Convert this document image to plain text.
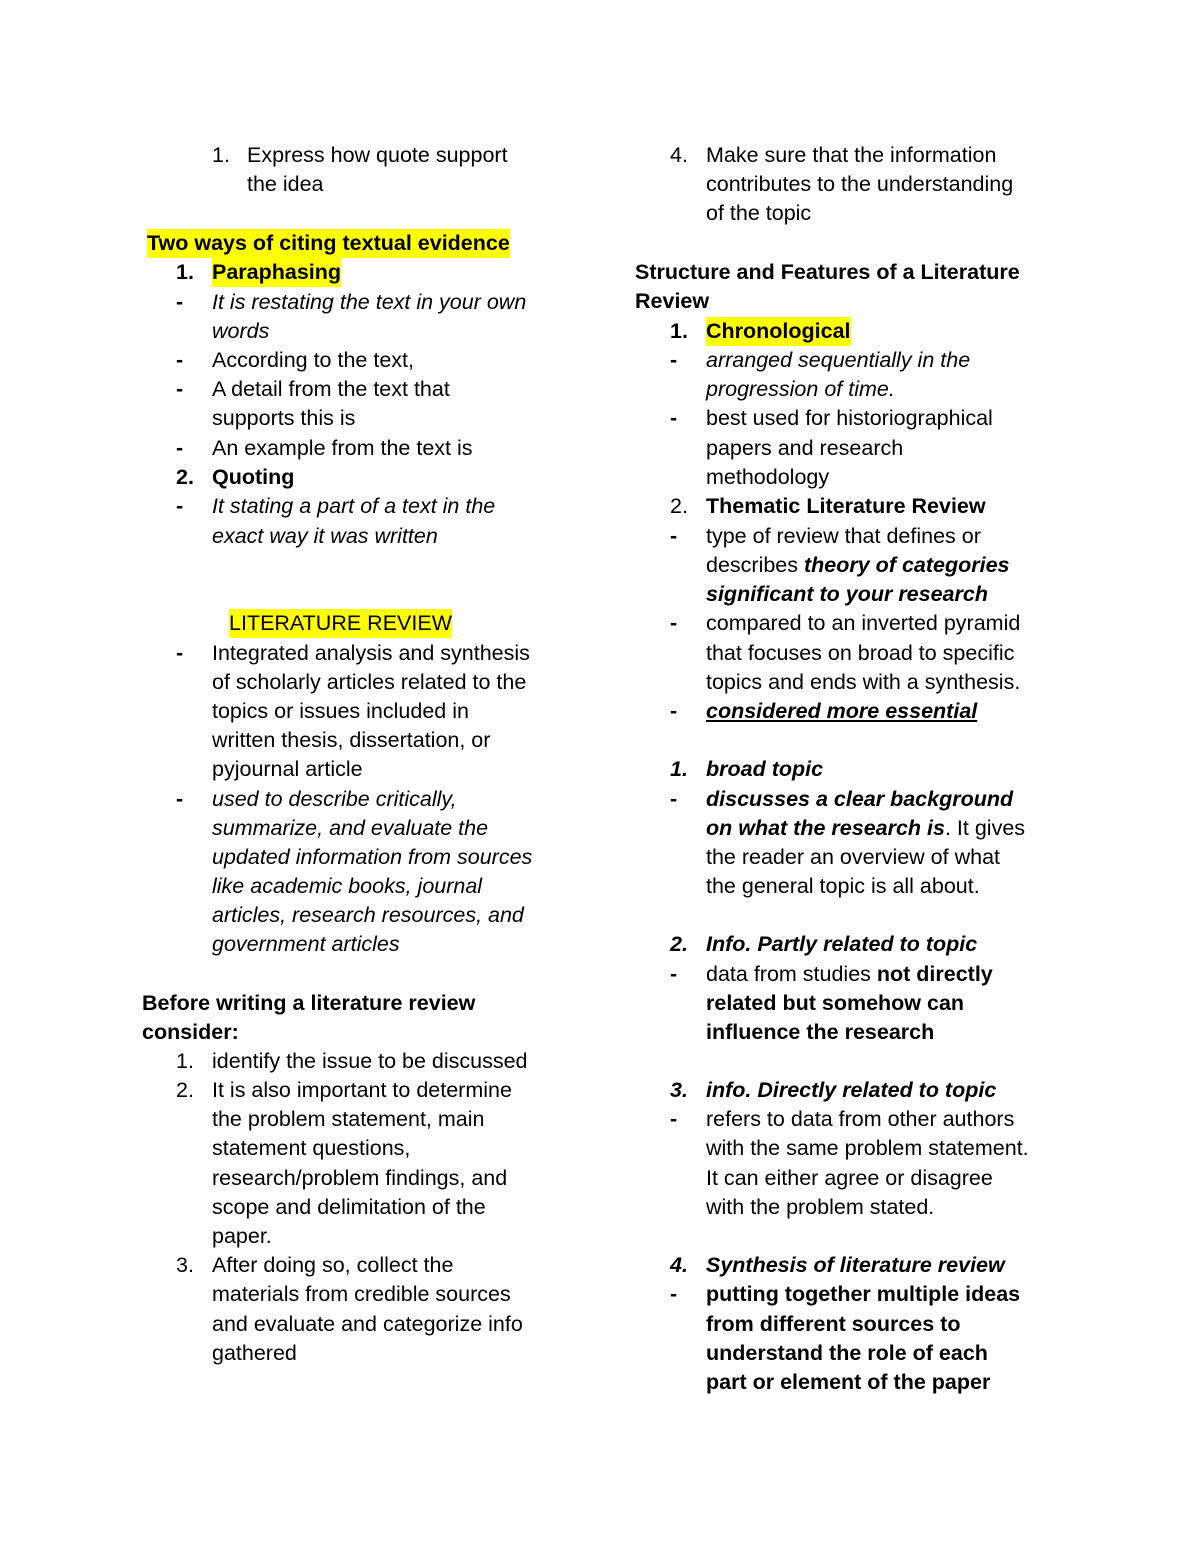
1. Express how quote support
the idea
Two ways of citing textual evidence
1. Paraphasing
- It is restating the text in your own
words
- According to the text,
- A detail from the text that
supports this is
- An example from the text is
2. Quoting
- It stating a part of a text in the
exact way it was written
LITERATURE REVIEW
- Integrated analysis and synthesis
of scholarly articles related to the
topics or issues included in
written thesis, dissertation, or
pyjournal article
- used to describe critically,
summarize, and evaluate the
updated information from sources
like academic books, journal
articles, research resources, and
government articles
Before writing a literature review
consider:
1. identify the issue to be discussed
2. It is also important to determine
the problem statement, main
statement questions,
research/problem findings, and
scope and delimitation of the
paper.
3. After doing so, collect the
materials from credible sources
and evaluate and categorize info
gathered
4. Make sure that the information
contributes to the understanding
of the topic
Structure and Features of a Literature
Review
1. Chronological
- arranged sequentially in the
progression of time.
- best used for historiographical
papers and research
methodology
2. Thematic Literature Review
- type of review that defines or
describes theory of categories
significant to your research
- compared to an inverted pyramid
that focuses on broad to specific
topics and ends with a synthesis.
- considered more essential
1. broad topic
- discusses a clear background
on what the research is. It gives
the reader an overview of what
the general topic is all about.
2. Info. Partly related to topic
- data from studies not directly
related but somehow can
influence the research
3. info. Directly related to topic
- refers to data from other authors
with the same problem statement.
It can either agree or disagree
with the problem stated.
4. Synthesis of literature review
- putting together multiple ideas
from different sources to
understand the role of each
part or element of the paper
